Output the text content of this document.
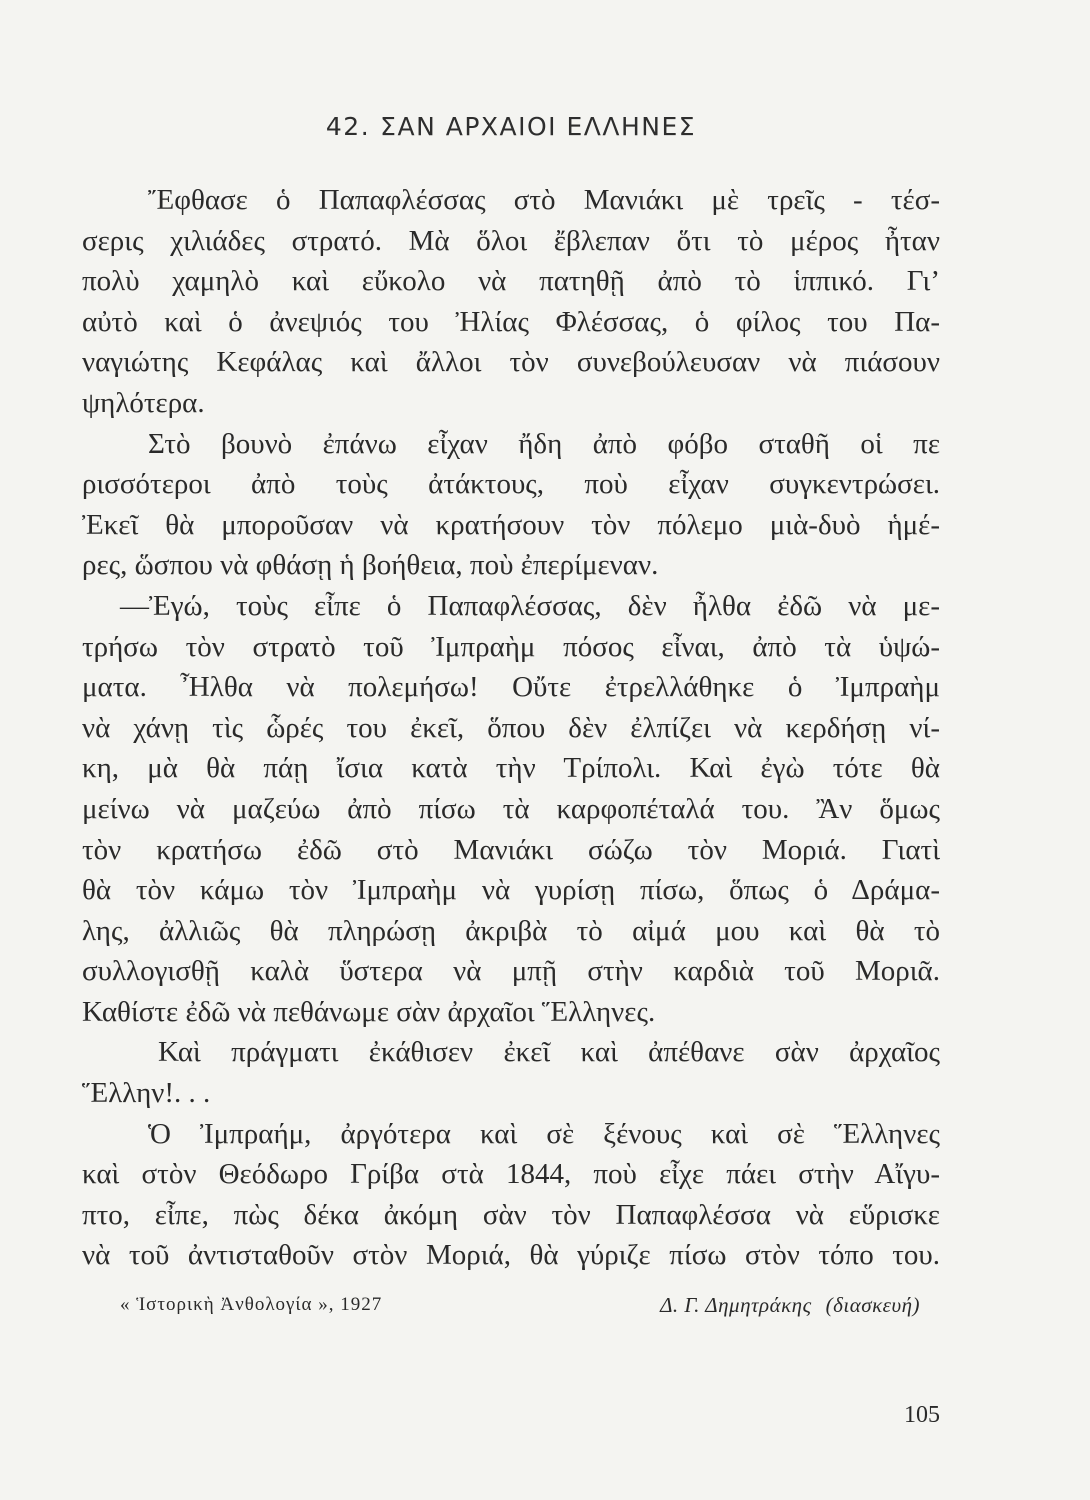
42. ΣΑΝ ΑΡΧΑΙΟΙ ΕΛΛΗΝΕΣ
Ἔφθασε ὁ Παπαφλέσσας στὸ Μανιάκι μὲ τρεῖς - τέσ-
σερις χιλιάδες στρατό. Μὰ ὅλοι ἔβλεπαν ὅτι τὸ μέρος ἦταν
πολὺ χαμηλὸ καὶ εὔκολο νὰ πατηθῇ ἀπὸ τὸ ἱππικό. Γι’
αὐτὸ καὶ ὁ ἀνεψιός του Ἠλίας Φλέσσας, ὁ φίλος του Πα-
ναγιώτης Κεφάλας καὶ ἄλλοι τὸν συνεβούλευσαν νὰ πιάσουν
ψηλότερα.
Στὸ βουνὸ ἐπάνω εἶχαν ἤδη ἀπὸ φόβο σταθῆ οἱ πε
ρισσότεροι ἀπὸ τοὺς ἀτάκτους, ποὺ εἶχαν συγκεντρώσει.
Ἐκεῖ θὰ μποροῦσαν νὰ κρατήσουν τὸν πόλεμο μιὰ-δυὸ ἡμέ-
ρες, ὥσπου νὰ φθάσῃ ἡ βοήθεια, ποὺ ἐπερίμεναν.
—Ἐγώ, τοὺς εἶπε ὁ Παπαφλέσσας, δὲν ἦλθα ἐδῶ νὰ με-
τρήσω τὸν στρατὸ τοῦ Ἰμπραὴμ πόσος εἶναι, ἀπὸ τὰ ὑψώ-
ματα. Ἦλθα νὰ πολεμήσω! Οὔτε ἐτρελλάθηκε ὁ Ἰμπραὴμ
νὰ χάνῃ τὶς ὧρές του ἐκεῖ, ὅπου δὲν ἐλπίζει νὰ κερδήσῃ νί-
κη, μὰ θὰ πάῃ ἴσια κατὰ τὴν Τρίπολι. Καὶ ἐγὼ τότε θὰ
μείνω νὰ μαζεύω ἀπὸ πίσω τὰ καρφοπέταλά του. Ἂν ὅμως
τὸν κρατήσω ἐδῶ στὸ Μανιάκι σώζω τὸν Μοριά. Γιατὶ
θὰ τὸν κάμω τὸν Ἰμπραὴμ νὰ γυρίσῃ πίσω, ὅπως ὁ Δράμα-
λης, ἀλλιῶς θὰ πληρώσῃ ἀκριβὰ τὸ αἰμά μου καὶ θὰ τὸ
συλλογισθῇ καλὰ ὕστερα νὰ μπῇ στὴν καρδιὰ τοῦ Μοριᾶ.
Καθίστε ἐδῶ νὰ πεθάνωμε σὰν ἀρχαῖοι Ἕλληνες.
Καὶ πράγματι ἐκάθισεν ἐκεῖ καὶ ἀπέθανε σὰν ἀρχαῖος
Ἕλλην!. . .
Ὁ Ἰμπραήμ, ἀργότερα καὶ σὲ ξένους καὶ σὲ Ἕλληνες
καὶ στὸν Θεόδωρο Γρίβα στὰ 1844, ποὺ εἶχε πάει στὴν Αἴγυ-
πτο, εἶπε, πὼς δέκα ἀκόμη σὰν τὸν Παπαφλέσσα νὰ εὕρισκε
νὰ τοῦ ἀντισταθοῦν στὸν Μοριά, θὰ γύριζε πίσω στὸν τόπο του.
« Ἱστορικὴ Ἀνθολογία », 1927	Δ. Γ. Δημητράκης (διασκευή)
105
